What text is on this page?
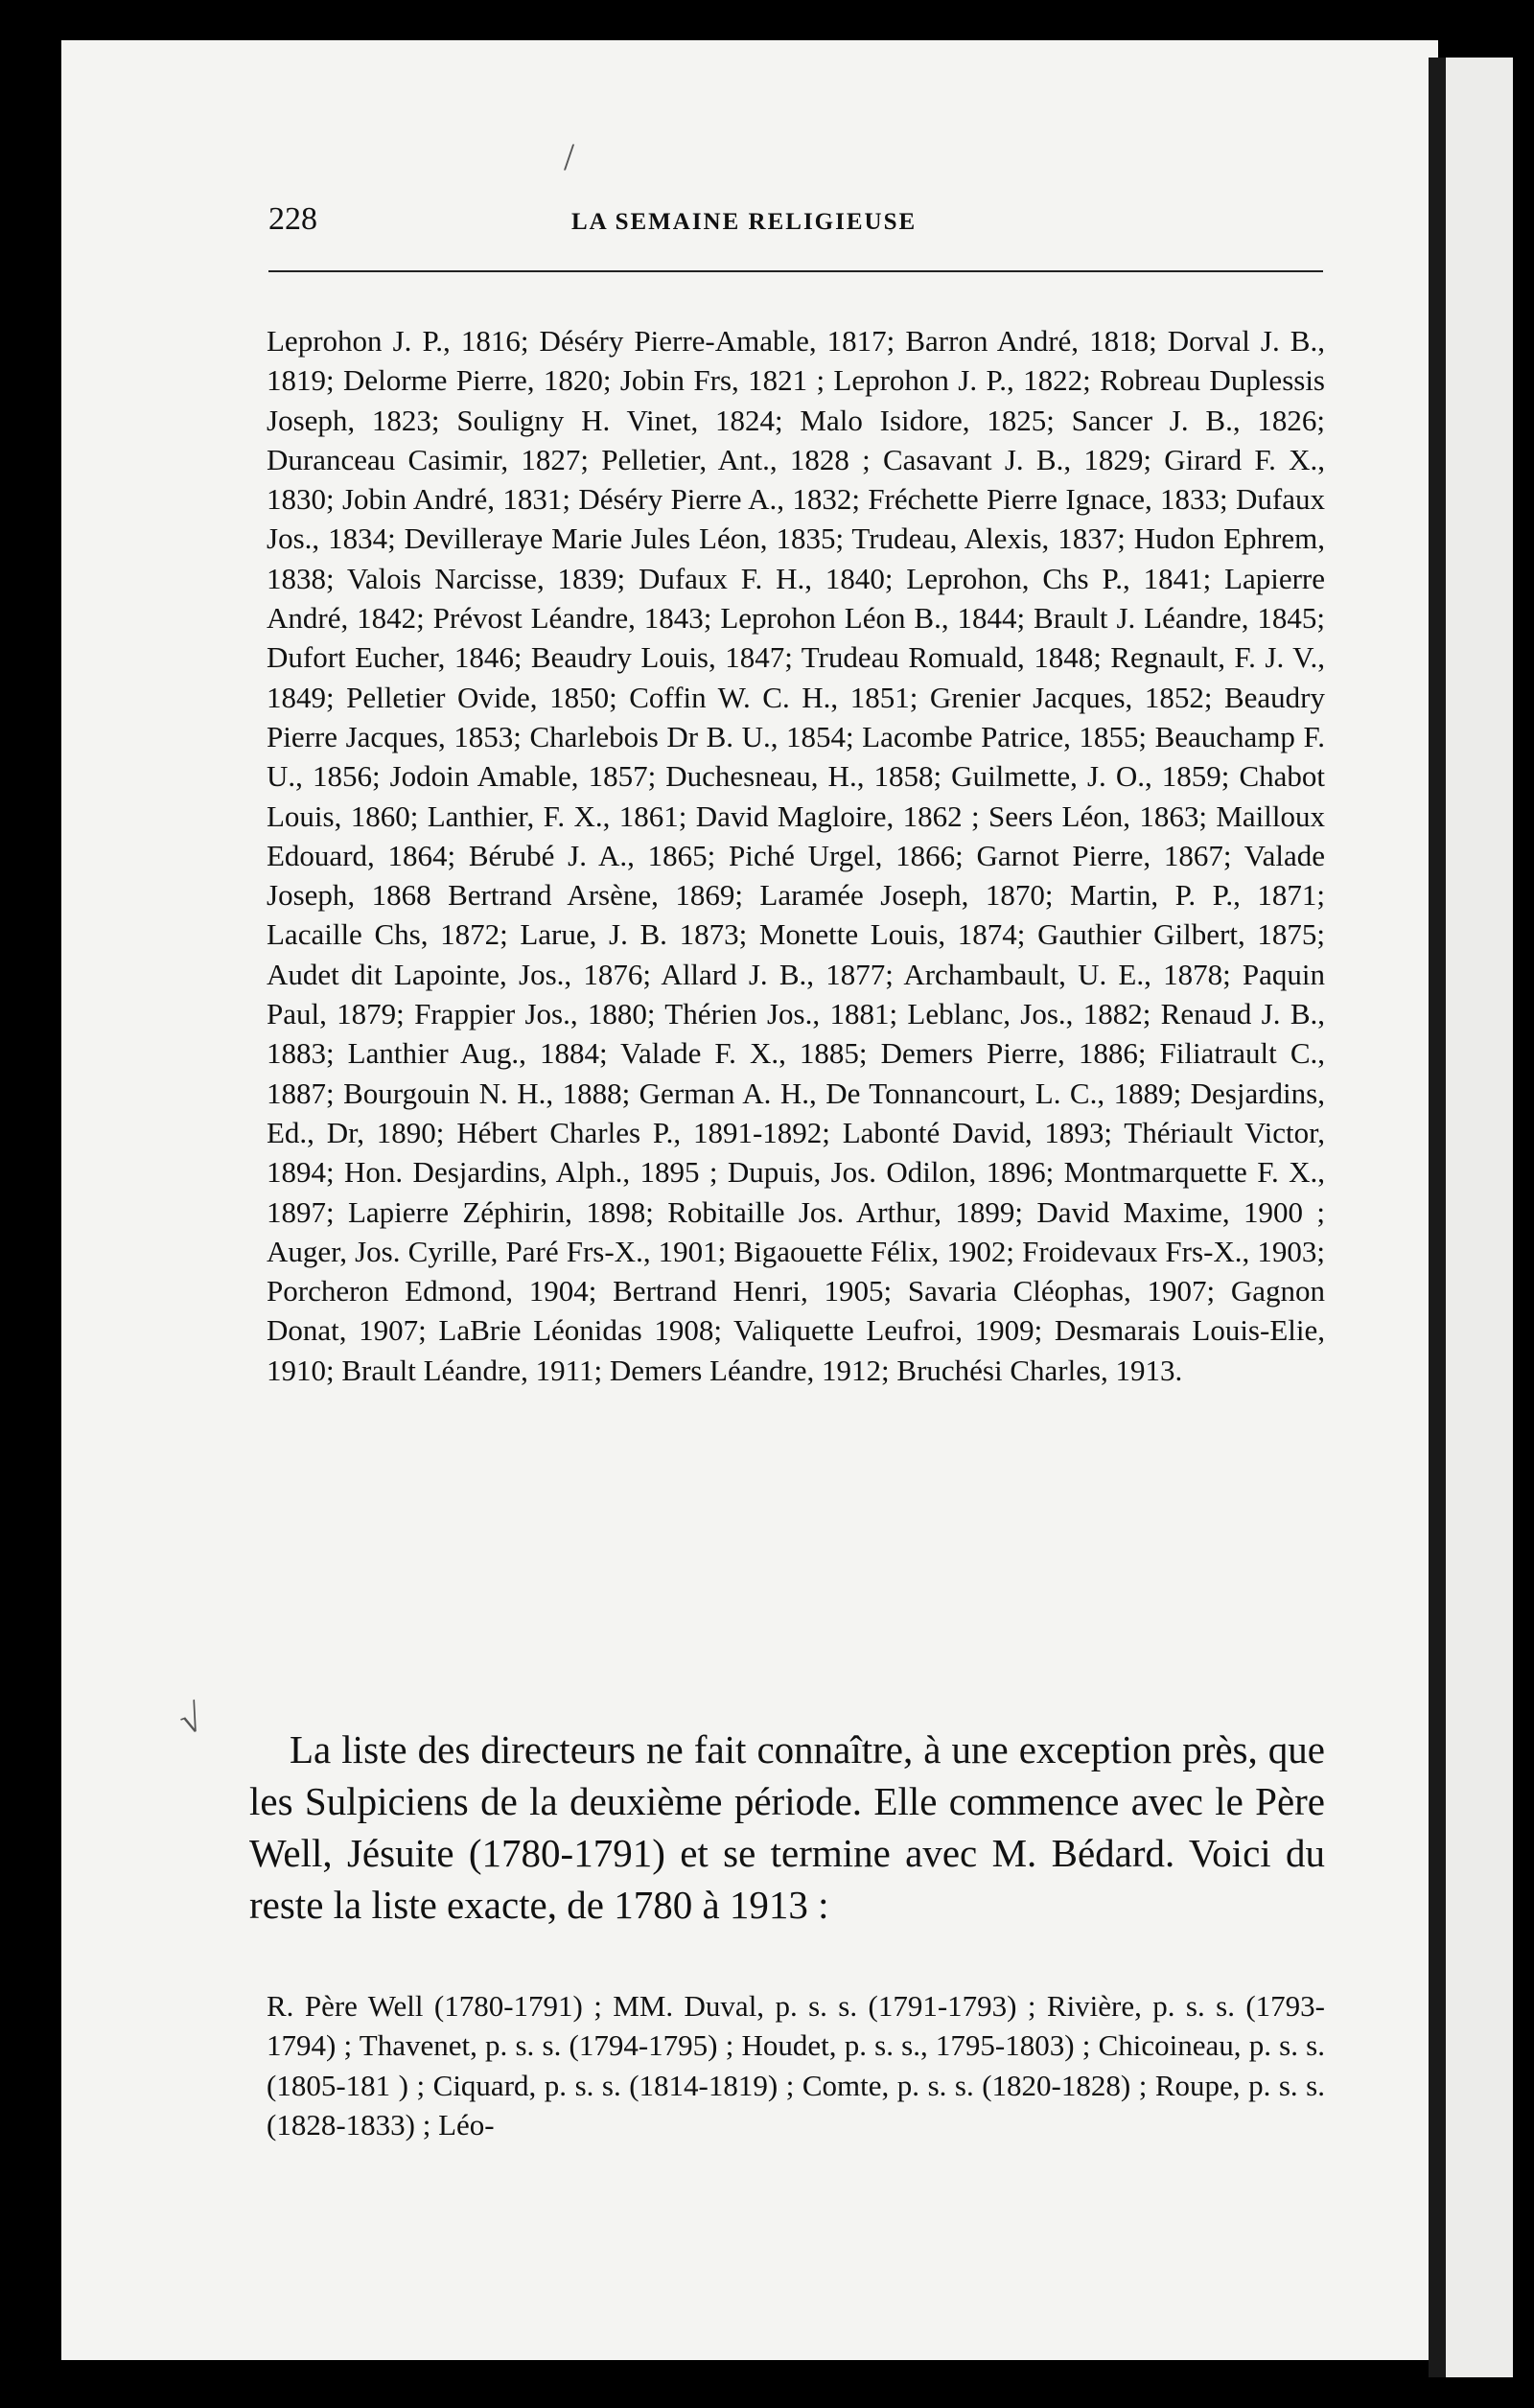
/
√
228	LA SEMAINE RELIGIEUSE

Leprohon J. P., 1816; Déséry Pierre-Amable, 1817; Barron André, 1818; Dorval J. B., 1819; Delorme Pierre, 1820; Jobin Frs, 1821 ; Leprohon J. P., 1822; Robreau Duplessis Joseph, 1823; Souligny H. Vinet, 1824; Malo Isidore, 1825; Sancer J. B., 1826; Duranceau Casimir, 1827; Pelletier, Ant., 1828 ; Casavant J. B., 1829; Girard F. X., 1830; Jobin André, 1831; Déséry Pierre A., 1832; Fréchette Pierre Ignace, 1833; Dufaux Jos., 1834; Devilleraye Marie Jules Léon, 1835; Trudeau, Alexis, 1837; Hudon Ephrem, 1838; Valois Narcisse, 1839; Dufaux F. H., 1840; Leprohon, Chs P., 1841; Lapierre André, 1842; Prévost Léandre, 1843; Leprohon Léon B., 1844; Brault J. Léandre, 1845; Dufort Eucher, 1846; Beaudry Louis, 1847; Trudeau Romuald, 1848; Regnault, F. J. V., 1849; Pelletier Ovide, 1850; Coffin W. C. H., 1851; Grenier Jacques, 1852; Beaudry Pierre Jacques, 1853; Charlebois Dr B. U., 1854; Lacombe Patrice, 1855; Beauchamp F. U., 1856; Jodoin Amable, 1857; Duchesneau, H., 1858; Guilmette, J. O., 1859; Chabot Louis, 1860; Lanthier, F. X., 1861; David Magloire, 1862 ; Seers Léon, 1863; Mailloux Edouard, 1864; Bérubé J. A., 1865; Piché Urgel, 1866; Garnot Pierre, 1867; Valade Joseph, 1868 Bertrand Arsène, 1869; Laramée Joseph, 1870; Martin, P. P., 1871; Lacaille Chs, 1872; Larue, J. B. 1873; Monette Louis, 1874; Gauthier Gilbert, 1875; Audet dit Lapointe, Jos., 1876; Allard J. B., 1877; Archambault, U. E., 1878; Paquin Paul, 1879; Frappier Jos., 1880; Thérien Jos., 1881; Leblanc, Jos., 1882; Renaud J. B., 1883; Lanthier Aug., 1884; Valade F. X., 1885; Demers Pierre, 1886; Filiatrault C., 1887; Bourgouin N. H., 1888; German A. H., De Tonnancourt, L. C., 1889; Desjardins, Ed., Dr, 1890; Hébert Charles P., 1891-1892; Labonté David, 1893; Thériault Victor, 1894; Hon. Desjardins, Alph., 1895 ; Dupuis, Jos. Odilon, 1896; Montmarquette F. X., 1897; Lapierre Zéphirin, 1898; Robitaille Jos. Arthur, 1899; David Maxime, 1900 ; Auger, Jos. Cyrille, Paré Frs-X., 1901; Bigaouette Félix, 1902; Froidevaux Frs-X., 1903; Porcheron Edmond, 1904; Bertrand Henri, 1905; Savaria Cléophas, 1907; Gagnon Donat, 1907; LaBrie Léonidas 1908; Valiquette Leufroi, 1909; Desmarais Louis-Elie, 1910; Brault Léandre, 1911; Demers Léandre, 1912; Bruchési Charles, 1913.

La liste des directeurs ne fait connaître, à une exception près, que les Sulpiciens de la deuxième période. Elle commence avec le Père Well, Jésuite (1780-1791) et se termine avec M. Bédard. Voici du reste la liste exacte, de 1780 à 1913 :

R. Père Well (1780-1791) ; MM. Duval, p. s. s. (1791-1793) ; Rivière, p. s. s. (1793-1794) ; Thavenet, p. s. s. (1794-1795) ; Houdet, p. s. s., 1795-1803) ; Chicoineau, p. s. s. (1805-181 ) ; Ciquard, p. s. s. (1814-1819) ; Comte, p. s. s. (1820-1828) ; Roupe, p. s. s. (1828-1833) ; Léo-
